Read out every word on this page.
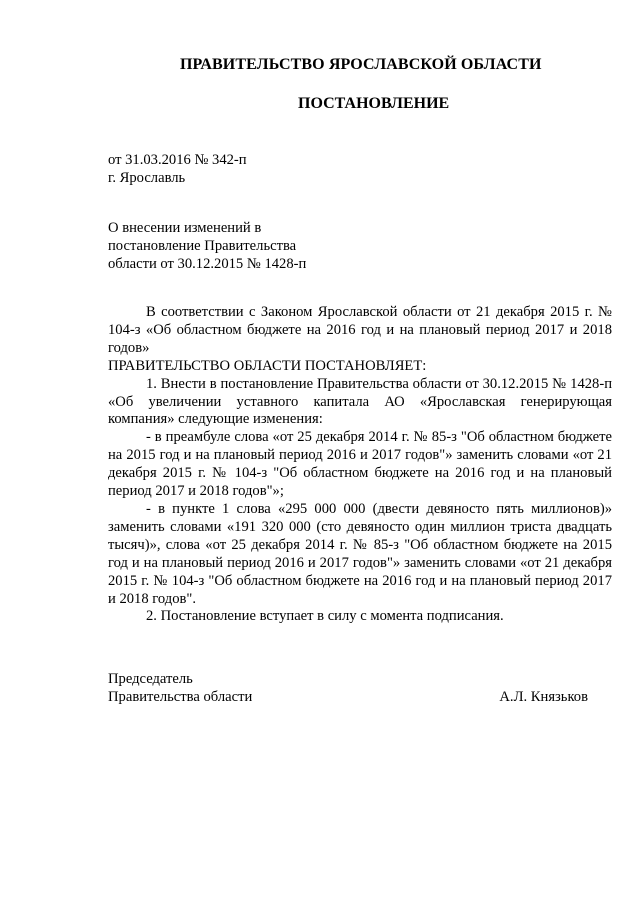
ПРАВИТЕЛЬСТВО ЯРОСЛАВСКОЙ ОБЛАСТИ
ПОСТАНОВЛЕНИЕ
от 31.03.2016 № 342-п
г. Ярославль
О внесении изменений в
постановление Правительства
области от 30.12.2015 № 1428-п

В соответствии с Законом Ярославской области от 21 декабря 2015 г. № 104-з «Об областном бюджете на 2016 год и на плановый период 2017 и 2018 годов»

ПРАВИТЕЛЬСТВО ОБЛАСТИ ПОСТАНОВЛЯЕТ:

1. Внести в постановление Правительства области от 30.12.2015 № 1428-п «Об увеличении уставного капитала АО «Ярославская генерирующая компания» следующие изменения:

- в преамбуле слова «от 25 декабря 2014 г. № 85-з "Об областном бюджете на 2015 год и на плановый период 2016 и 2017 годов"» заменить словами «от 21 декабря 2015 г. № 104-з "Об областном бюджете на 2016 год и на плановый период 2017 и 2018 годов"»;

- в пункте 1 слова «295 000 000 (двести девяносто пять миллионов)» заменить словами «191 320 000 (сто девяносто один миллион триста двадцать тысяч)», слова «от 25 декабря 2014 г. № 85-з "Об областном бюджете на 2015 год и на плановый период 2016 и 2017 годов"» заменить словами «от 21 декабря 2015 г. № 104-з "Об областном бюджете на 2016 год и на плановый период 2017 и 2018 годов".

2. Постановление вступает в силу с момента подписания.

Председатель
Правительства области	А.Л. Князьков
